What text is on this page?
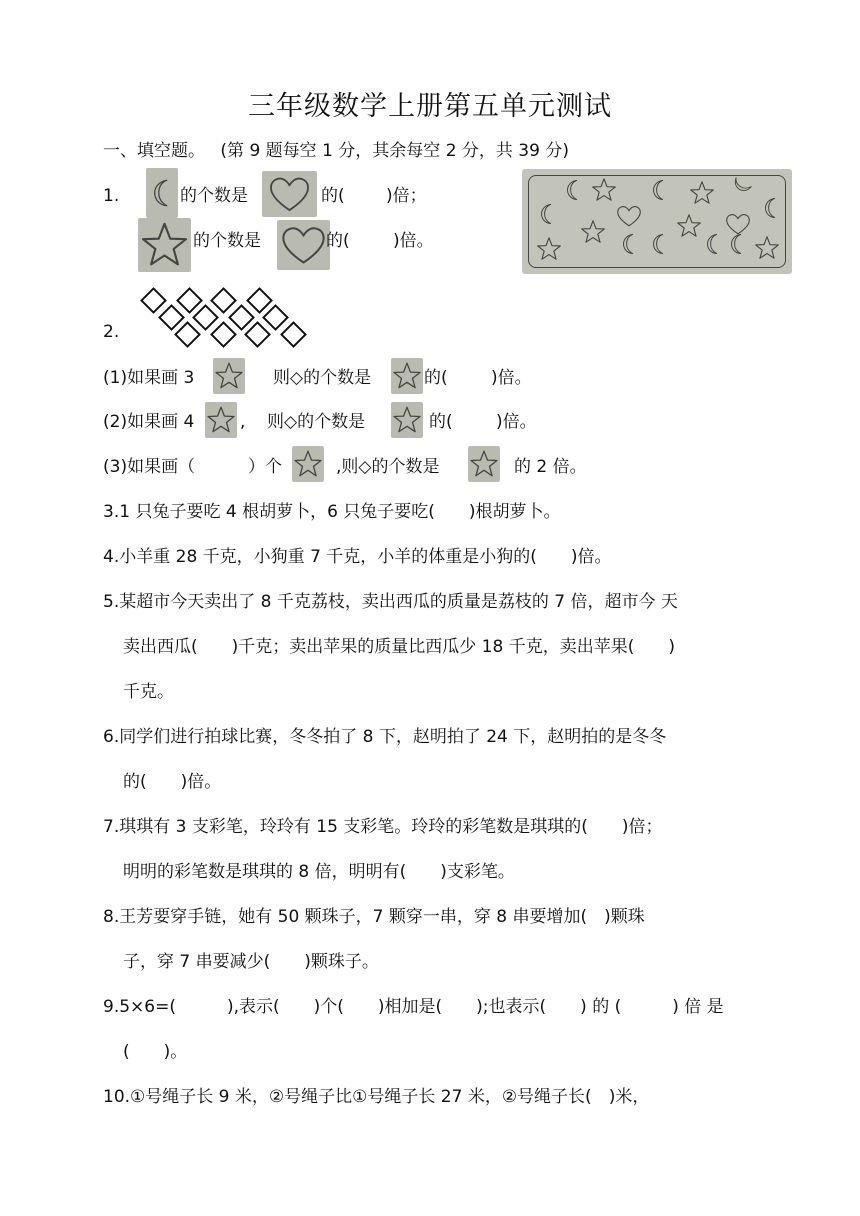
三年级数学上册第五单元测试
一、填空题。 (第 9 题每空 1 分，其余每空 2 分，共 39 分)
1.	的个数是	的( )倍；
的个数是	的(	)倍。
2.
(1)如果画 3	则◇的个数是	的(	)倍。
(2)如果画 4	, 则◇的个数是	的(	)倍。
(3)如果画（	）个	,则◇的个数是	的 2 倍。
3.1 只兔子要吃 4 根胡萝卜，6 只兔子要吃(　　)根胡萝卜。
4.小羊重 28 千克，小狗重 7 千克，小羊的体重是小狗的(　　)倍。
5.某超市今天卖出了 8 千克荔枝，卖出西瓜的质量是荔枝的 7 倍，超市今 天
卖出西瓜(　　)千克；卖出苹果的质量比西瓜少 18 千克，卖出苹果(　　)
千克。
6.同学们进行拍球比赛，冬冬拍了 8 下，赵明拍了 24 下，赵明拍的是冬冬
的(　　)倍。
7.琪琪有 3 支彩笔，玲玲有 15 支彩笔。玲玲的彩笔数是琪琪的(　　)倍；
明明的彩笔数是琪琪的 8 倍，明明有(　　)支彩笔。
8.王芳要穿手链，她有 50 颗珠子，7 颗穿一串，穿 8 串要增加(　)颗珠
子，穿 7 串要减少(　　)颗珠子。
9.5×6=(　　　),表示(　　)个(　　)相加是(　　);也表示(　　) 的 (　　　) 倍 是
(　　)。
10.①号绳子长 9 米，②号绳子比①号绳子长 27 米，②号绳子长(　)米，
